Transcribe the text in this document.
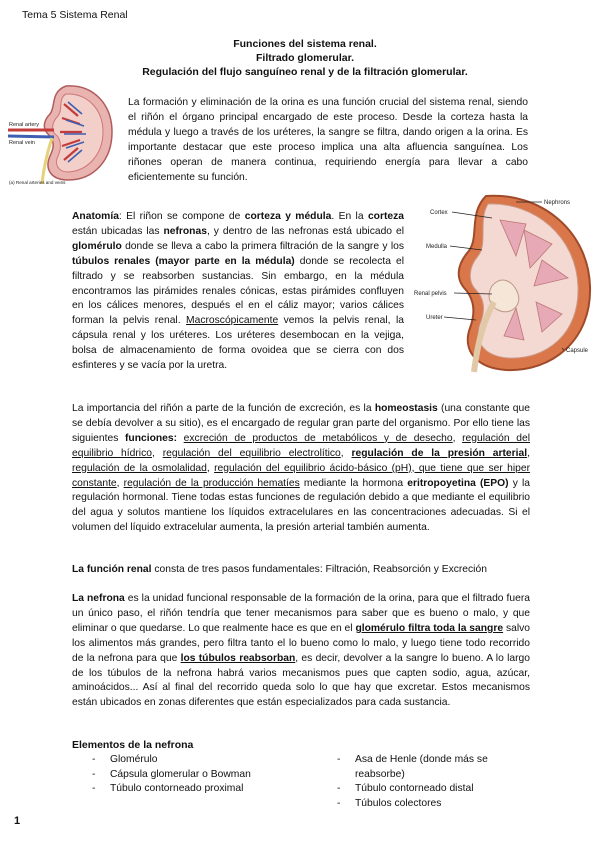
Tema 5 Sistema Renal
Funciones del sistema renal.
Filtrado glomerular.
Regulación del flujo sanguíneo renal y de la filtración glomerular.
Renal artery
Renal vein
(a) Renal arteries and veins

La formación y eliminación de la orina es una función crucial del sistema renal, siendo el riñón el órgano principal encargado de este proceso. Desde la corteza hasta la médula y luego a través de los uréteres, la sangre se filtra, dando origen a la orina. Es importante destacar que este proceso implica una alta afluencia sanguínea. Los riñones operan de manera continua, requiriendo energía para llevar a cabo eficientemente su función.

Anatomía: El riñon se compone de corteza y médula. En la corteza están ubicadas las nefronas, y dentro de las nefronas está ubicado el glomérulo donde se lleva a cabo la primera filtración de la sangre y los túbulos renales (mayor parte en la médula) donde se recolecta el filtrado y se reabsorben sustancias. Sin embargo, en la médula encontramos las pirámides renales cónicas, estas pirámides confluyen en los cálices menores, después el en el cáliz mayor; varios cálices forman la pelvis renal. Macroscópicamente vemos la pelvis renal, la cápsula renal y los uréteres. Los uréteres desembocan en la vejiga, bolsa de almacenamiento de forma ovoidea que se cierra con dos esfinteres y se vacía por la uretra.

Nephrons
Cortex
Medulla
Renal pelvis
Ureter
Capsule

La importancia del riñón a parte de la función de excreción, es la homeostasis (una constante que se debía devolver a su sitio), es el encargado de regular gran parte del organismo. Por ello tiene las siguientes funciones: excreción de productos de metabólicos y de desecho, regulación del equilibrio hídrico, regulación del equilibrio electrolítico, regulación de la presión arterial, regulación de la osmolalidad, regulación del equilibrio ácido-básico (pH), que tiene que ser hiper constante, regulación de la producción hematíes mediante la hormona eritropoyetina (EPO) y la regulación hormonal. Tiene todas estas funciones de regulación debido a que mediante el equilibrio del agua y solutos mantiene los líquidos extracelulares en las concentraciones adecuadas. Si el volumen del líquido extracelular aumenta, la presión arterial también aumenta.

La función renal consta de tres pasos fundamentales: Filtración, Reabsorción y Excreción

La nefrona es la unidad funcional responsable de la formación de la orina, para que el filtrado fuera un único paso, el riñón tendría que tener mecanismos para saber que es bueno o malo, y que eliminar o que quedarse. Lo que realmente hace es que en el glomérulo filtra toda la sangre salvo los alimentos más grandes, pero filtra tanto el lo bueno como lo malo, y luego tiene todo recorrido de la nefrona para que los túbulos reabsorban, es decir, devolver a la sangre lo bueno. A lo largo de los túbulos de la nefrona habrá varios mecanismos pues que capten sodio, agua, azúcar, aminoácidos... Así al final del recorrido queda solo lo que hay que excretar. Estos mecanismos están ubicados en zonas diferentes que están especializados para cada sustancia.

Elementos de la nefrona
- Glomérulo
- Cápsula glomerular o Bowman
- Túbulo contorneado proximal
- Asa de Henle (donde más se reabsorbe)
- Túbulo contorneado distal
- Túbulos colectores
1
